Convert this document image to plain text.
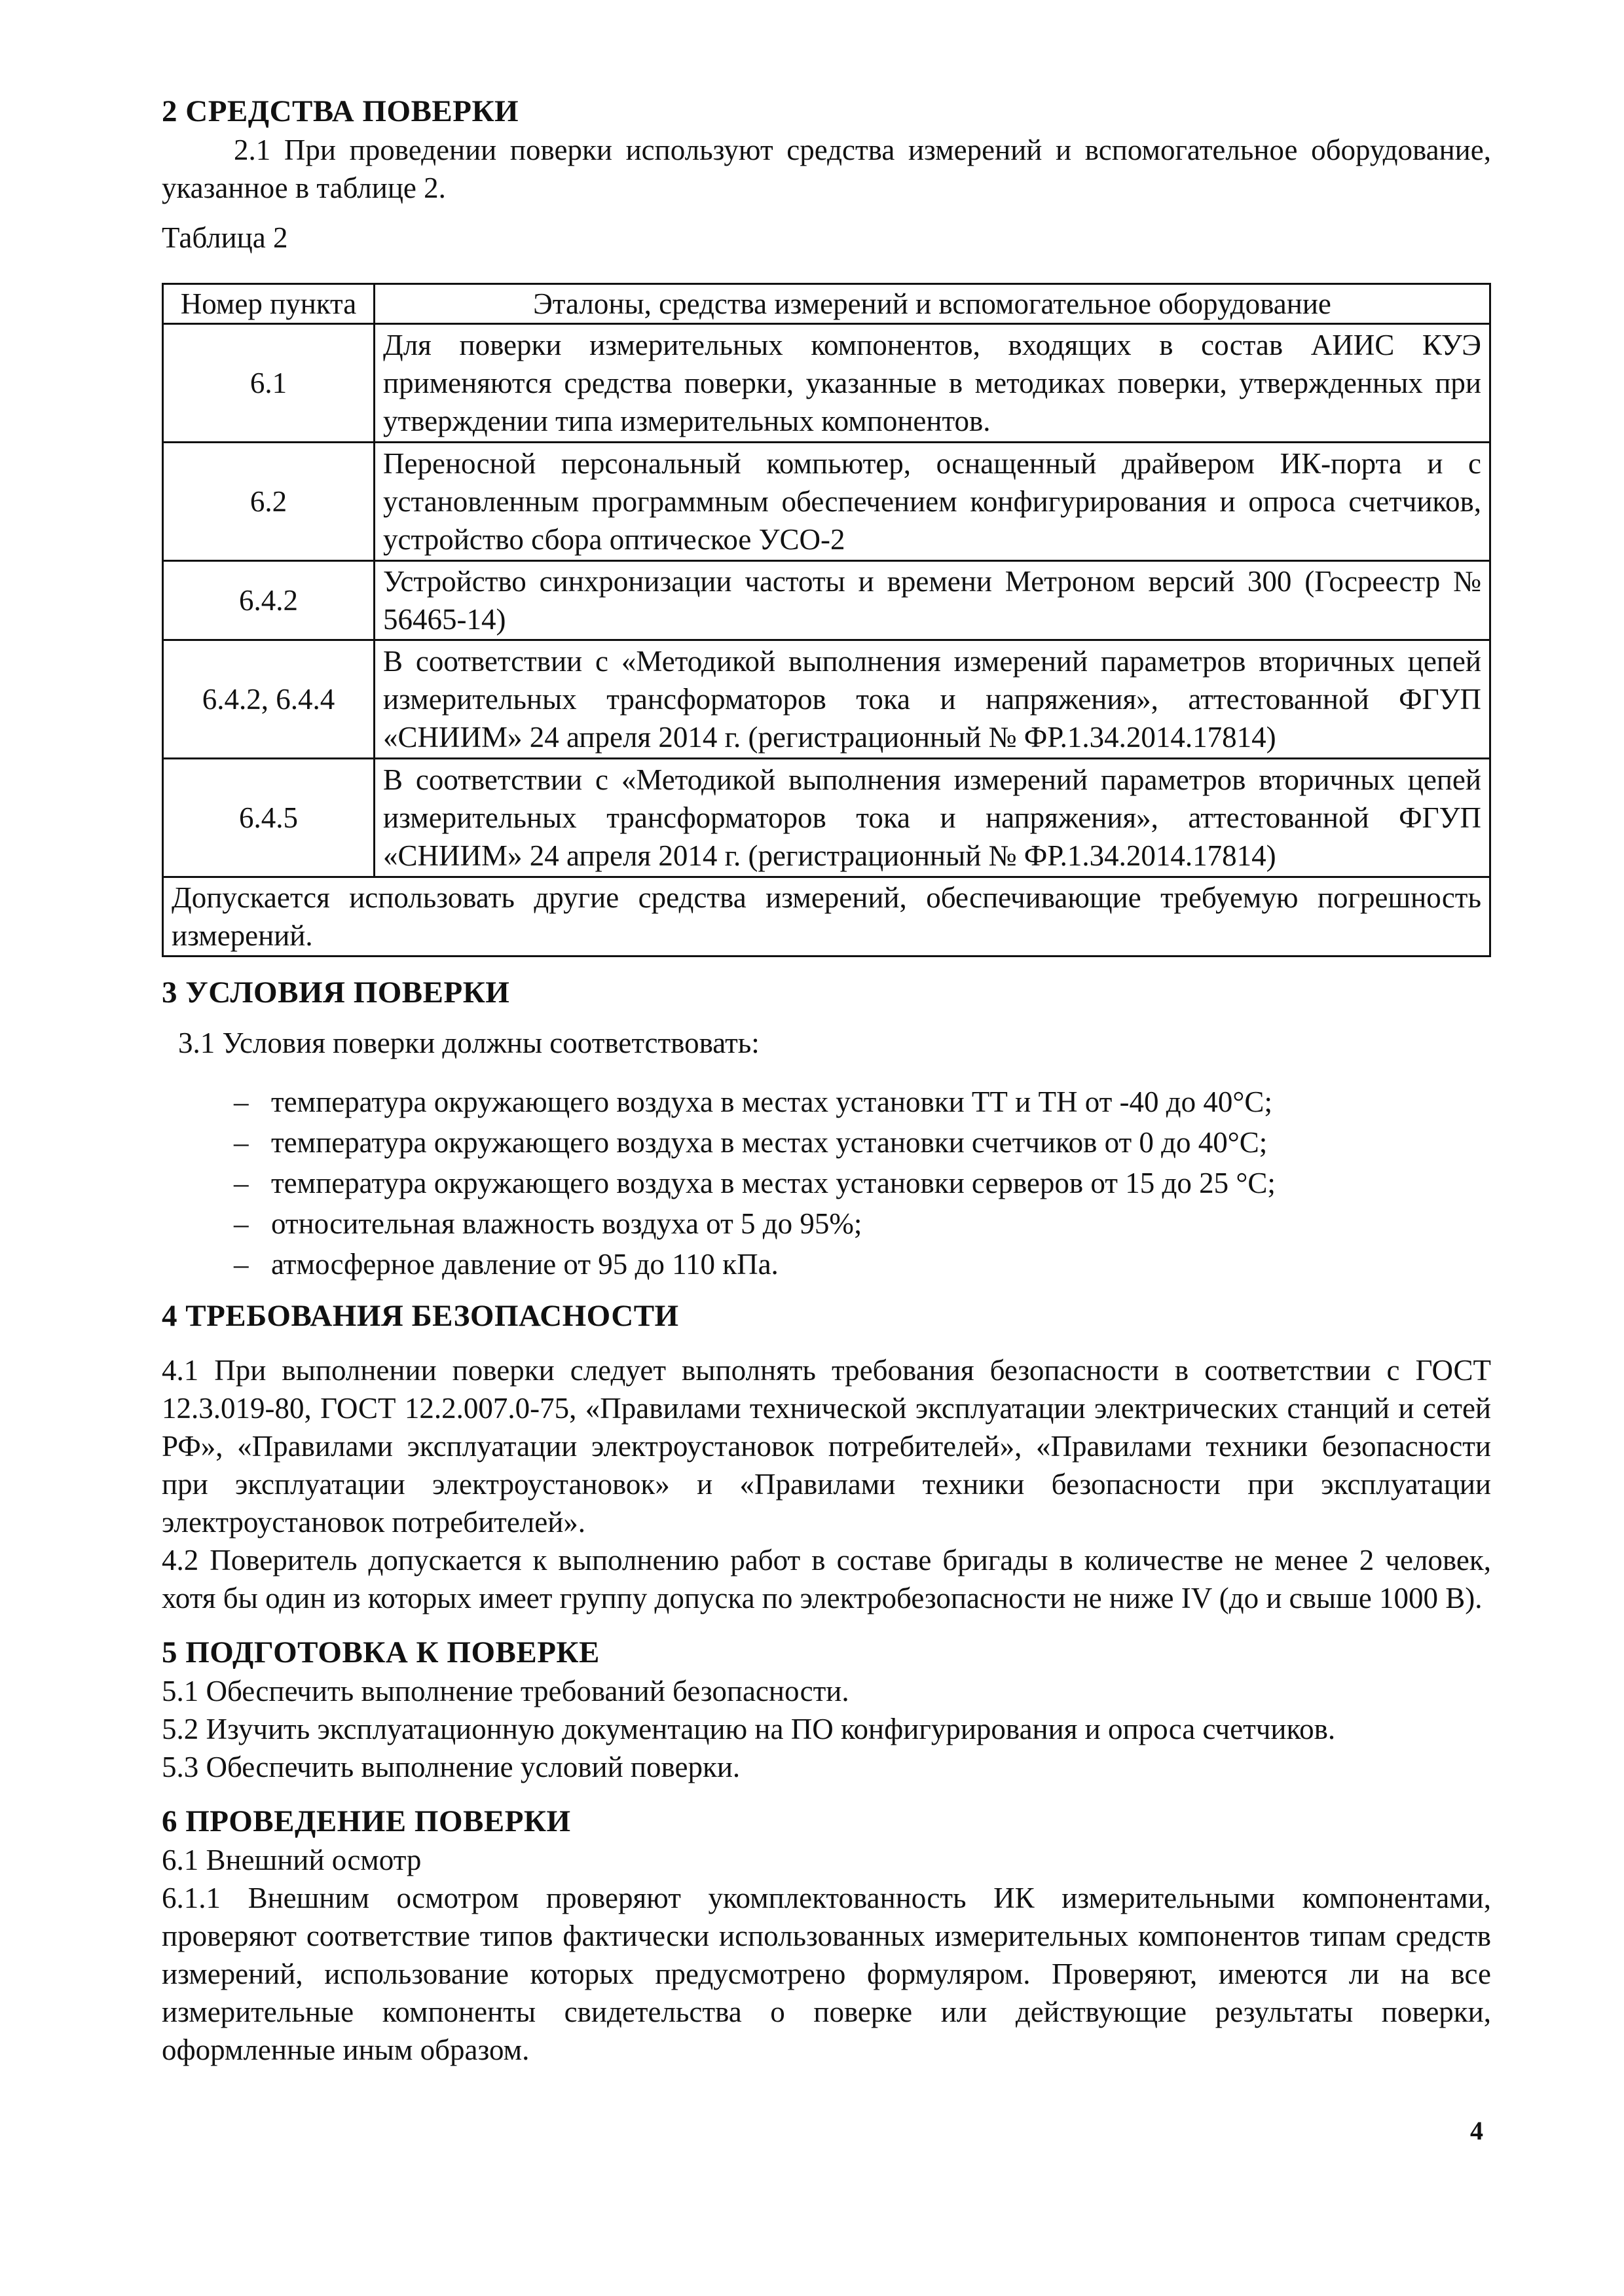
2 СРЕДСТВА ПОВЕРКИ

2.1 При проведении поверки используют средства измерений и вспомогательное оборудование, указанное в таблице 2.

Таблица 2

Номер пункта	Эталоны, средства измерений и вспомогательное оборудование
6.1	Для поверки измерительных компонентов, входящих в состав АИИС КУЭ применяются средства поверки, указанные в методиках поверки, утвержденных при утверждении типа измерительных компонентов.
6.2	Переносной персональный компьютер, оснащенный драйвером ИК-порта и с установленным программным обеспечением конфигурирования и опроса счетчиков, устройство сбора оптическое УСО-2
6.4.2	Устройство синхронизации частоты и времени Метроном версий 300 (Госреестр № 56465-14)
6.4.2, 6.4.4	В соответствии с «Методикой выполнения измерений параметров вторичных цепей измерительных трансформаторов тока и напряжения», аттестованной ФГУП «СНИИМ» 24 апреля 2014 г. (регистрационный № ФР.1.34.2014.17814)
6.4.5	В соответствии с «Методикой выполнения измерений параметров вторичных цепей измерительных трансформаторов тока и напряжения», аттестованной ФГУП «СНИИМ» 24 апреля 2014 г. (регистрационный № ФР.1.34.2014.17814)
Допускается использовать другие средства измерений, обеспечивающие требуемую погрешность измерений.	

3 УСЛОВИЯ ПОВЕРКИ

3.1 Условия поверки должны соответствовать:

– температура окружающего воздуха в местах установки ТТ и ТН от -40 до 40°С;
– температура окружающего воздуха в местах установки счетчиков от 0 до 40°С;
– температура окружающего воздуха в местах установки серверов от 15 до 25 °С;
– относительная влажность воздуха от 5 до 95%;
– атмосферное давление от 95 до 110 кПа.

4 ТРЕБОВАНИЯ БЕЗОПАСНОСТИ

4.1 При выполнении поверки следует выполнять требования безопасности в соответствии с ГОСТ 12.3.019-80, ГОСТ 12.2.007.0-75, «Правилами технической эксплуатации электрических станций и сетей РФ», «Правилами эксплуатации электроустановок потребителей», «Правилами техники безопасности при эксплуатации электроустановок» и «Правилами техники безопасности при эксплуатации электроустановок потребителей».

4.2 Поверитель допускается к выполнению работ в составе бригады в количестве не менее 2 человек, хотя бы один из которых имеет группу допуска по электробезопасности не ниже IV (до и свыше 1000 В).

5 ПОДГОТОВКА К ПОВЕРКЕ

5.1 Обеспечить выполнение требований безопасности.

5.2 Изучить эксплуатационную документацию на ПО конфигурирования и опроса счетчиков.

5.3 Обеспечить выполнение условий поверки.

6 ПРОВЕДЕНИЕ ПОВЕРКИ

6.1 Внешний осмотр

6.1.1 Внешним осмотром проверяют укомплектованность ИК измерительными компонентами, проверяют соответствие типов фактически использованных измерительных компонентов типам средств измерений, использование которых предусмотрено формуляром. Проверяют, имеются ли на все измерительные компоненты свидетельства о поверке или действующие результаты поверки, оформленные иным образом.

4
